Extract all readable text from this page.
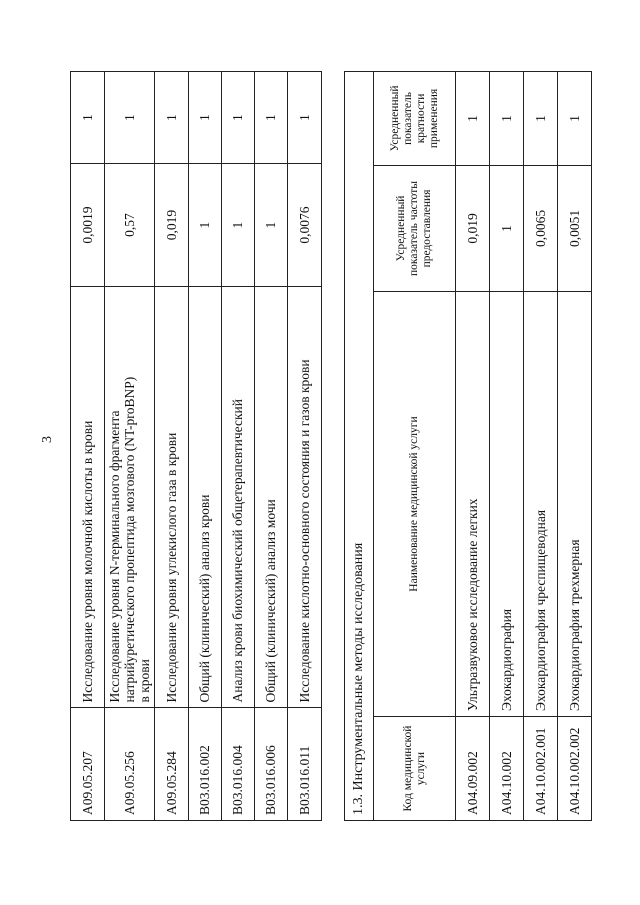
3
A09.05.207	Исследование уровня молочной кислоты в крови	0,0019	1
A09.05.256	Исследование уровня N-терминального фрагмента натрийуретического пропептида мозгового (NT-proBNP) в крови	0,57	1
A09.05.284	Исследование уровня углекислого газа в крови	0,019	1
B03.016.002	Общий (клинический) анализ крови	1	1
B03.016.004	Анализ крови биохимический общетерапевтический	1	1
B03.016.006	Общий (клинический) анализ мочи	1	1
B03.016.011	Исследование кислотно-основного состояния и газов крови	0,0076	1
1.3. Инструментальные методы исследования			
Код медицинской услуги	Наименование медицинской услуги	Усредненный показатель частоты предоставления	Усредненный показатель кратности применения
A04.09.002	Ультразвуковое исследование легких	0,019	1
A04.10.002	Эхокардиография	1	1
A04.10.002.001	Эхокардиография чреспищеводная	0,0065	1
A04.10.002.002	Эхокардиография трехмерная	0,0051	1
